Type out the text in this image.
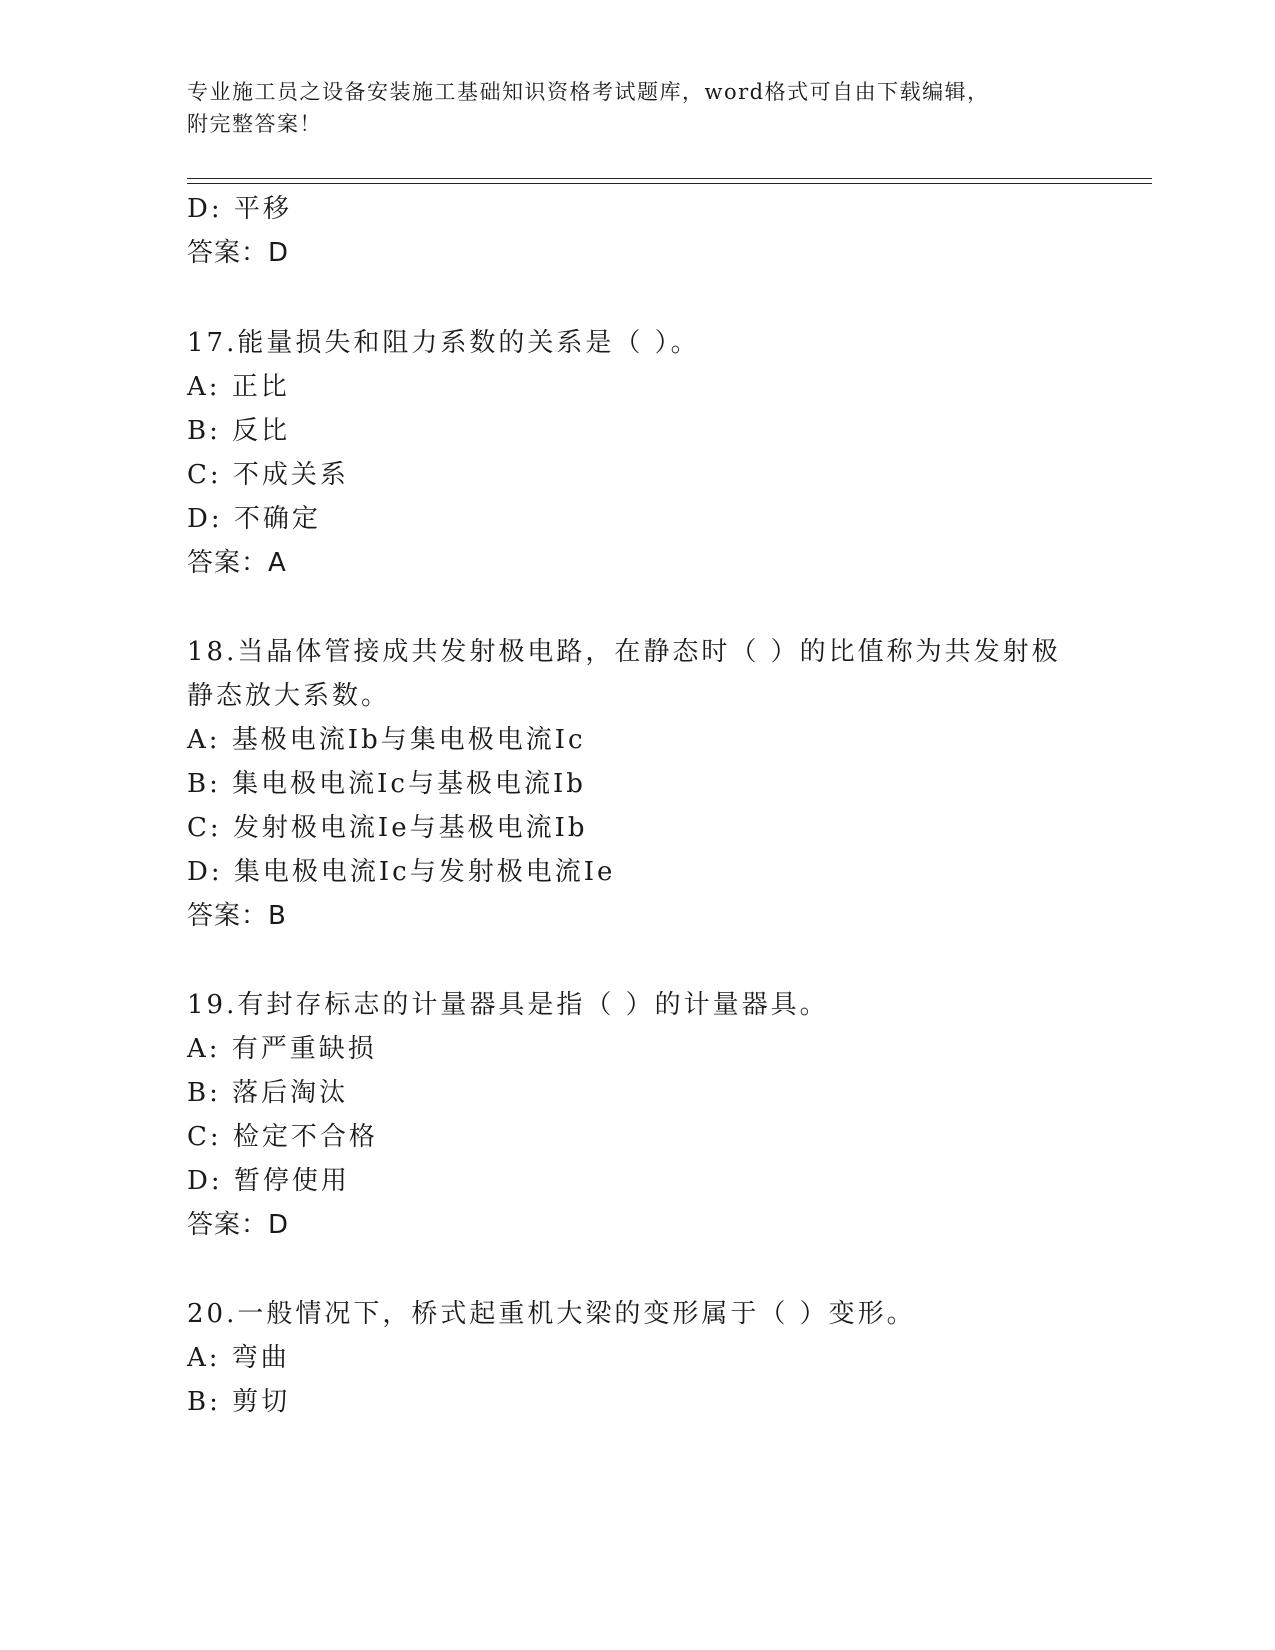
专业施工员之设备安装施工基础知识资格考试题库，word格式可自由下载编辑，
附完整答案！
D: 平移
答案：D
17.能量损失和阻力系数的关系是（ ）。
A: 正比
B: 反比
C: 不成关系
D: 不确定
答案：A
18.当晶体管接成共发射极电路，在静态时（ ）的比值称为共发射极
静态放大系数。
A: 基极电流Ib与集电极电流Ic
B: 集电极电流Ic与基极电流Ib
C: 发射极电流Ie与基极电流Ib
D: 集电极电流Ic与发射极电流Ie
答案：B
19.有封存标志的计量器具是指（ ）的计量器具。
A: 有严重缺损
B: 落后淘汰
C: 检定不合格
D: 暂停使用
答案：D
20.一般情况下，桥式起重机大梁的变形属于（ ）变形。
A: 弯曲
B: 剪切
